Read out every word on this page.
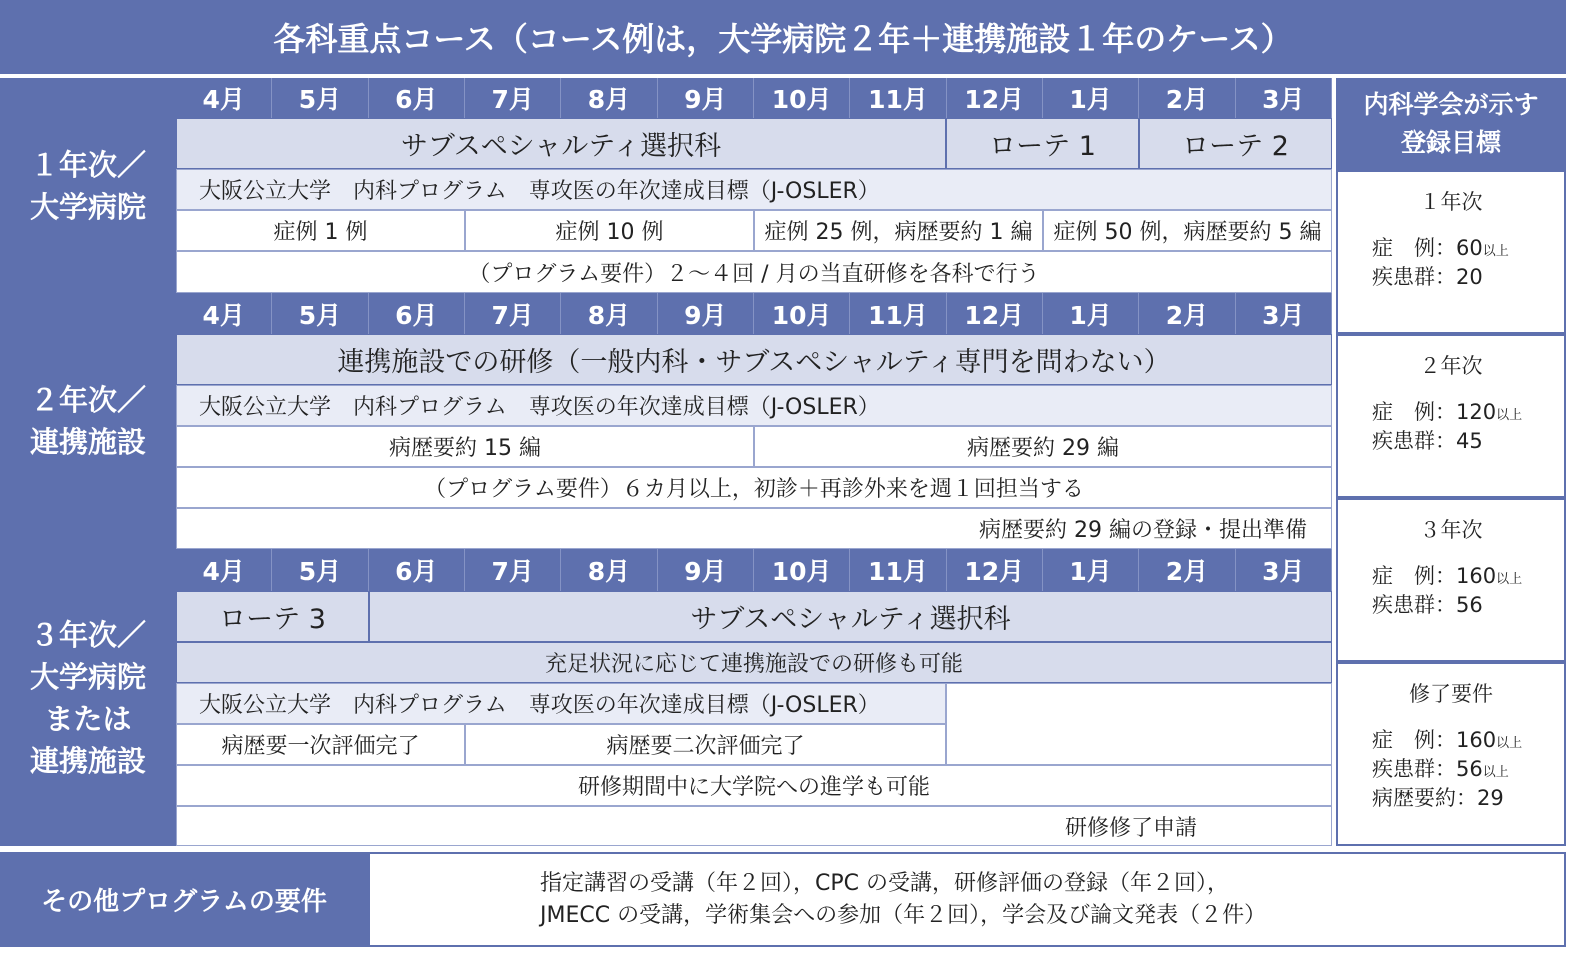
各科重点コース（コース例は，大学病院２年＋連携施設１年のケース）
１年次／
大学病院
4月	5月	6月	7月	8月	9月	10月	11月	12月	1月	2月	3月
サブスペシャルティ選択科	ローテ 1	ローテ 2
大阪公立大学　内科プログラム　専攻医の年次達成目標（J-OSLER）
症例 1 例	症例 10 例	症例 25 例，病歴要約 1 編 症例 50 例，病歴要約 5 編
（プログラム要件）２～４回 / 月の当直研修を各科で行う
２年次／
連携施設
4月	5月	6月	7月	8月	9月	10月	11月	12月	1月	2月	3月
連携施設での研修（一般内科・サブスペシャルティ専門を問わない）
大阪公立大学　内科プログラム　専攻医の年次達成目標（J-OSLER）
病歴要約 15 編	病歴要約 29 編
（プログラム要件）６カ月以上，初診＋再診外来を週１回担当する
病歴要約 29 編の登録・提出準備
３年次／
大学病院
または
連携施設
4月	5月	6月	7月	8月	9月	10月	11月	12月	1月	2月	3月
ローテ 3	サブスペシャルティ選択科
充足状況に応じて連携施設での研修も可能
大阪公立大学　内科プログラム　専攻医の年次達成目標（J-OSLER）
病歴要一次評価完了	病歴要二次評価完了
研修期間中に大学院への進学も可能
研修修了申請
内科学会が示す
登録目標
１年次
症　例：60以上
疾患群：20
２年次
症　例：120以上
疾患群：45
３年次
症　例：160以上
疾患群：56
修了要件
症　例：160以上
疾患群：56以上
病歴要約：29
その他プログラムの要件
指定講習の受講（年２回），CPC の受講，研修評価の登録（年２回），
JMECC の受講，学術集会への参加（年２回），学会及び論文発表（２件）
